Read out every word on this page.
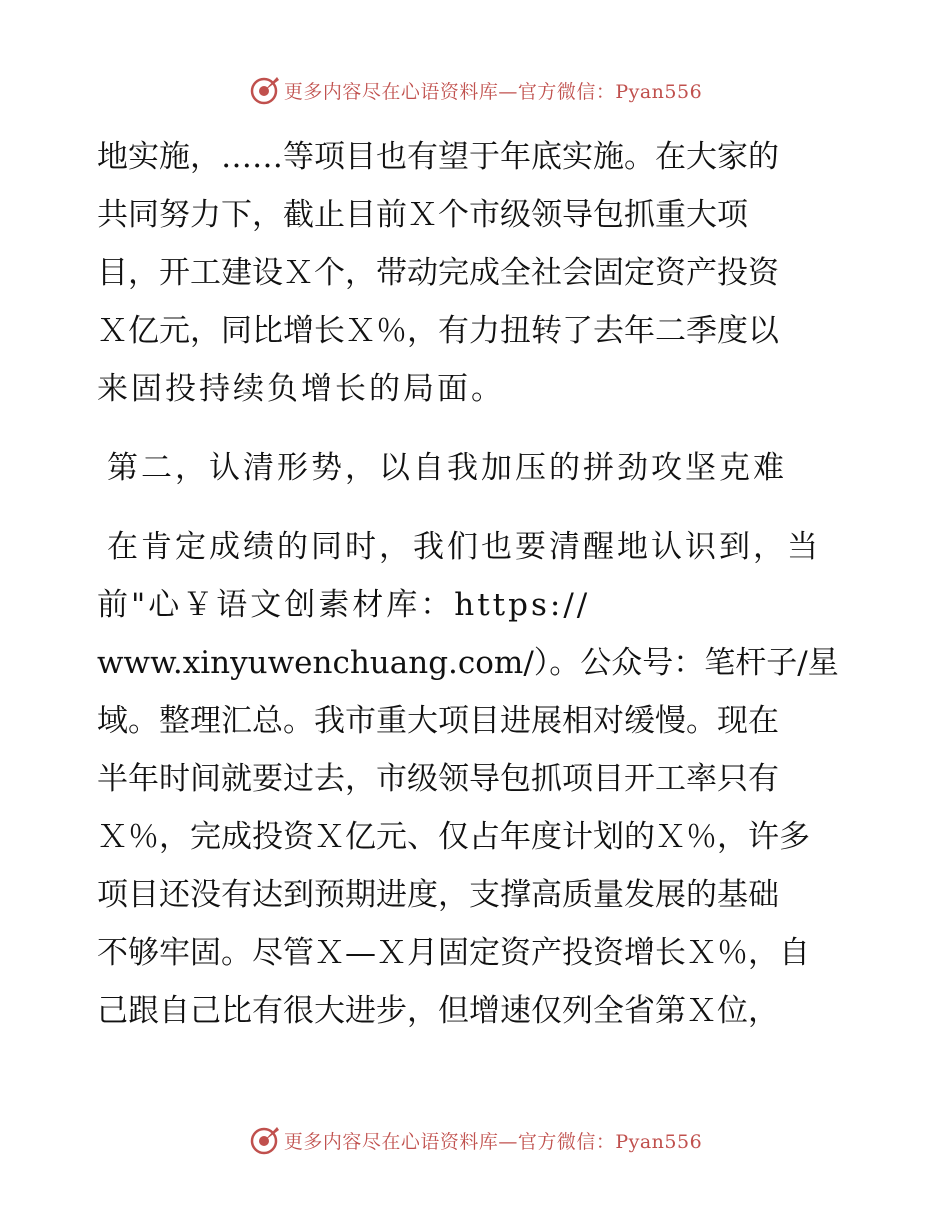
更多内容尽在心语资料库—官方微信：Pyan556
地实施，……等项目也有望于年底实施。在大家的
共同努力下，截止目前Ｘ个市级领导包抓重大项
目，开工建设Ｘ个，带动完成全社会固定资产投资
Ｘ亿元，同比增长Ｘ％，有力扭转了去年二季度以
来固投持续负增长的局面。
第二，认清形势，以自我加压的拼劲攻坚克难
在肯定成绩的同时，我们也要清醒地认识到，当
前"心￥语文创素材库：https://
www.xinyuwenchuang.com/）。公众号：笔杆子/星
域。整理汇总。我市重大项目进展相对缓慢。现在
半年时间就要过去，市级领导包抓项目开工率只有
Ｘ％，完成投资Ｘ亿元、仅占年度计划的Ｘ％，许多
项目还没有达到预期进度，支撑高质量发展的基础
不够牢固。尽管Ｘ—Ｘ月固定资产投资增长Ｘ％，自
己跟自己比有很大进步，但增速仅列全省第Ｘ位，
更多内容尽在心语资料库—官方微信：Pyan556
